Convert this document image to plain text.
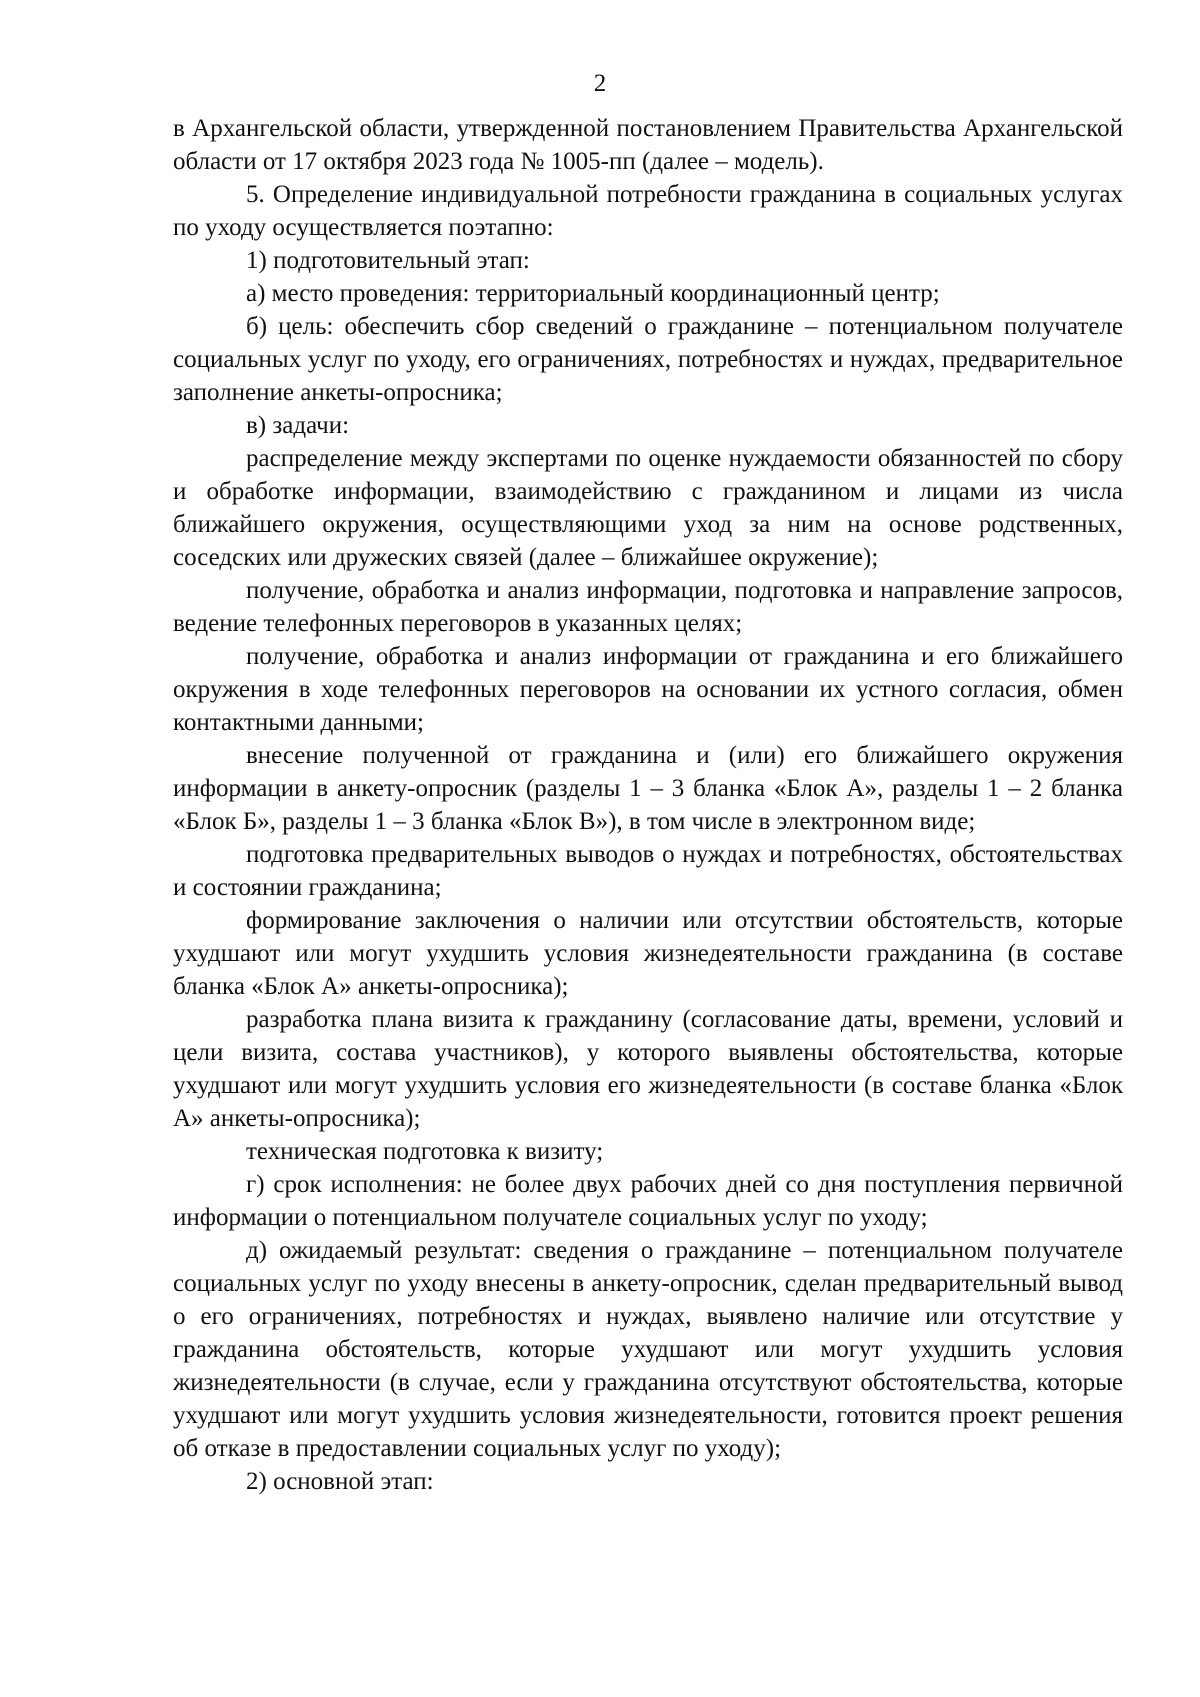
2

в Архангельской области, утвержденной постановлением Правительства Архангельской области от 17 октября 2023 года № 1005-пп (далее – модель).

5. Определение индивидуальной потребности гражданина в социальных услугах по уходу осуществляется поэтапно:

1) подготовительный этап:

а) место проведения: территориальный координационный центр;

б) цель: обеспечить сбор сведений о гражданине – потенциальном получателе социальных услуг по уходу, его ограничениях, потребностях и нуждах, предварительное заполнение анкеты-опросника;

в) задачи:

распределение между экспертами по оценке нуждаемости обязанностей по сбору и обработке информации, взаимодействию с гражданином и лицами из числа ближайшего окружения, осуществляющими уход за ним на основе родственных, соседских или дружеских связей (далее – ближайшее окружение);

получение, обработка и анализ информации, подготовка и направление запросов, ведение телефонных переговоров в указанных целях;

получение, обработка и анализ информации от гражданина и его ближайшего окружения в ходе телефонных переговоров на основании их устного согласия, обмен контактными данными;

внесение полученной от гражданина и (или) его ближайшего окружения информации в анкету-опросник (разделы 1 – 3 бланка «Блок А», разделы 1 – 2 бланка «Блок Б», разделы 1 – 3 бланка «Блок В»), в том числе в электронном виде;

подготовка предварительных выводов о нуждах и потребностях, обстоятельствах и состоянии гражданина;

формирование заключения о наличии или отсутствии обстоятельств, которые ухудшают или могут ухудшить условия жизнедеятельности гражданина (в составе бланка «Блок А» анкеты-опросника);

разработка плана визита к гражданину (согласование даты, времени, условий и цели визита, состава участников), у которого выявлены обстоятельства, которые ухудшают или могут ухудшить условия его жизнедеятельности (в составе бланка «Блок А» анкеты-опросника);

техническая подготовка к визиту;

г) срок исполнения: не более двух рабочих дней со дня поступления первичной информации о потенциальном получателе социальных услуг по уходу;

д) ожидаемый результат: сведения о гражданине – потенциальном получателе социальных услуг по уходу внесены в анкету-опросник, сделан предварительный вывод о его ограничениях, потребностях и нуждах, выявлено наличие или отсутствие у гражданина обстоятельств, которые ухудшают или могут ухудшить условия жизнедеятельности (в случае, если у гражданина отсутствуют обстоятельства, которые ухудшают или могут ухудшить условия жизнедеятельности, готовится проект решения об отказе в предоставлении социальных услуг по уходу);

2) основной этап:
